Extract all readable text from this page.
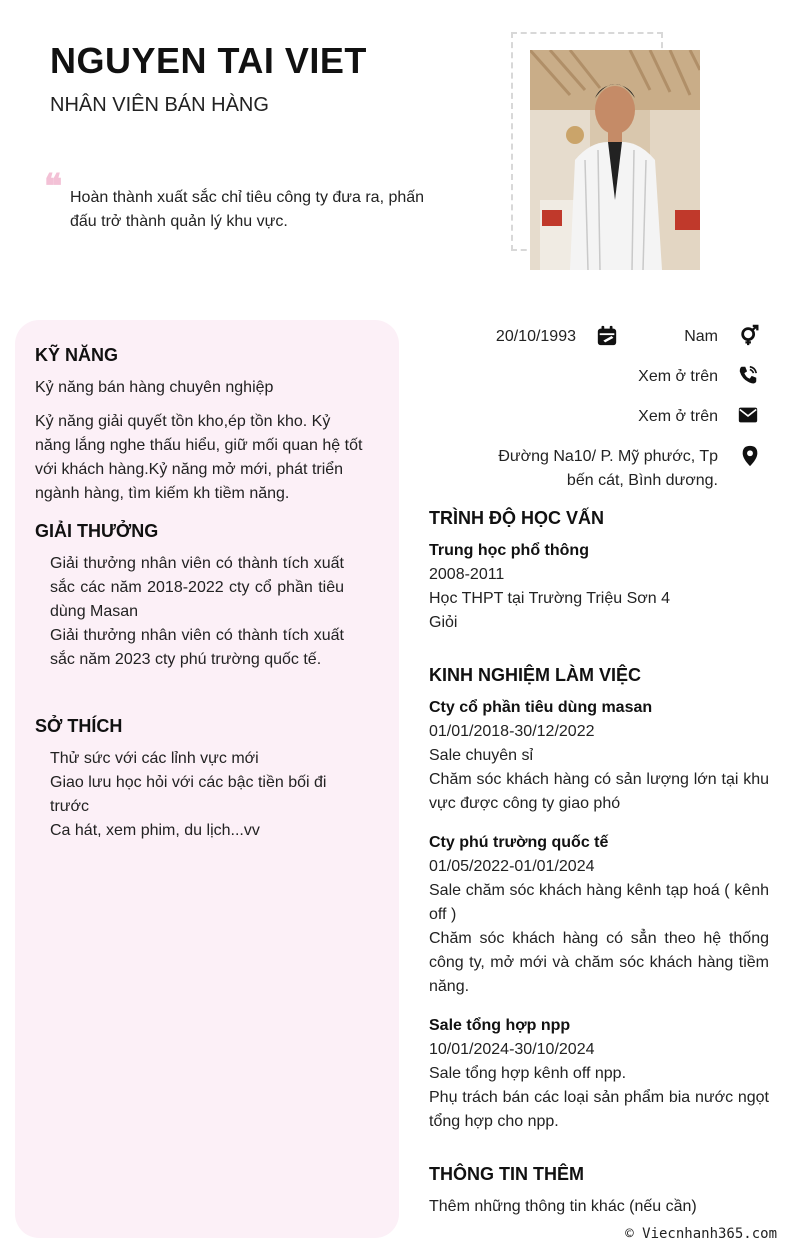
NGUYEN TAI VIET
NHÂN VIÊN BÁN HÀNG
❝ Hoàn thành xuất sắc chỉ tiêu công ty đưa ra, phấn đấu trở thành quản lý khu vực.
KỸ NĂNG
Kỷ năng bán hàng chuyên nghiệp
Kỷ năng giải quyết tồn kho,ép tồn kho. Kỷ năng lắng nghe thấu hiểu, giữ mối quan hệ tốt với khách hàng.Kỷ năng mở mới, phát triển ngành hàng, tìm kiếm kh tiềm năng.
GIẢI THƯỞNG
Giải thưởng nhân viên có thành tích xuất sắc các năm 2018-2022 cty cổ phần tiêu dùng Masan
Giải thưởng nhân viên có thành tích xuất sắc năm 2023 cty phú trường quốc tế.
SỞ THÍCH
Thử sức với các lỉnh vực mới
Giao lưu học hỏi với các bậc tiền bối đi trước
Ca hát, xem phim, du lịch...vv
20/10/1993	Nam
Xem ở trên
Xem ở trên
Đường Na10/ P. Mỹ phước, Tp bến cát, Bình dương.
TRÌNH ĐỘ HỌC VẤN
Trung học phổ thông
2008-2011
Học THPT tại Trường Triệu Sơn 4
Giỏi
KINH NGHIỆM LÀM VIỆC
Cty cổ phần tiêu dùng masan
01/01/2018-30/12/2022
Sale chuyên sỉ
Chăm sóc khách hàng có sản lượng lớn tại khu vực được công ty giao phó
Cty phú trường quốc tế
01/05/2022-01/01/2024
Sale chăm sóc khách hàng kênh tạp hoá ( kênh off )
Chăm sóc khách hàng có sẳn theo hệ thống công ty, mở mới và chăm sóc khách hàng tiềm năng.
Sale tổng hợp npp
10/01/2024-30/10/2024
Sale tổng hợp kênh off npp.
Phụ trách bán các loại sản phẩm bia nước ngọt tổng hợp cho npp.
THÔNG TIN THÊM
Thêm những thông tin khác (nếu cần)
© Viecnhanh365.com
